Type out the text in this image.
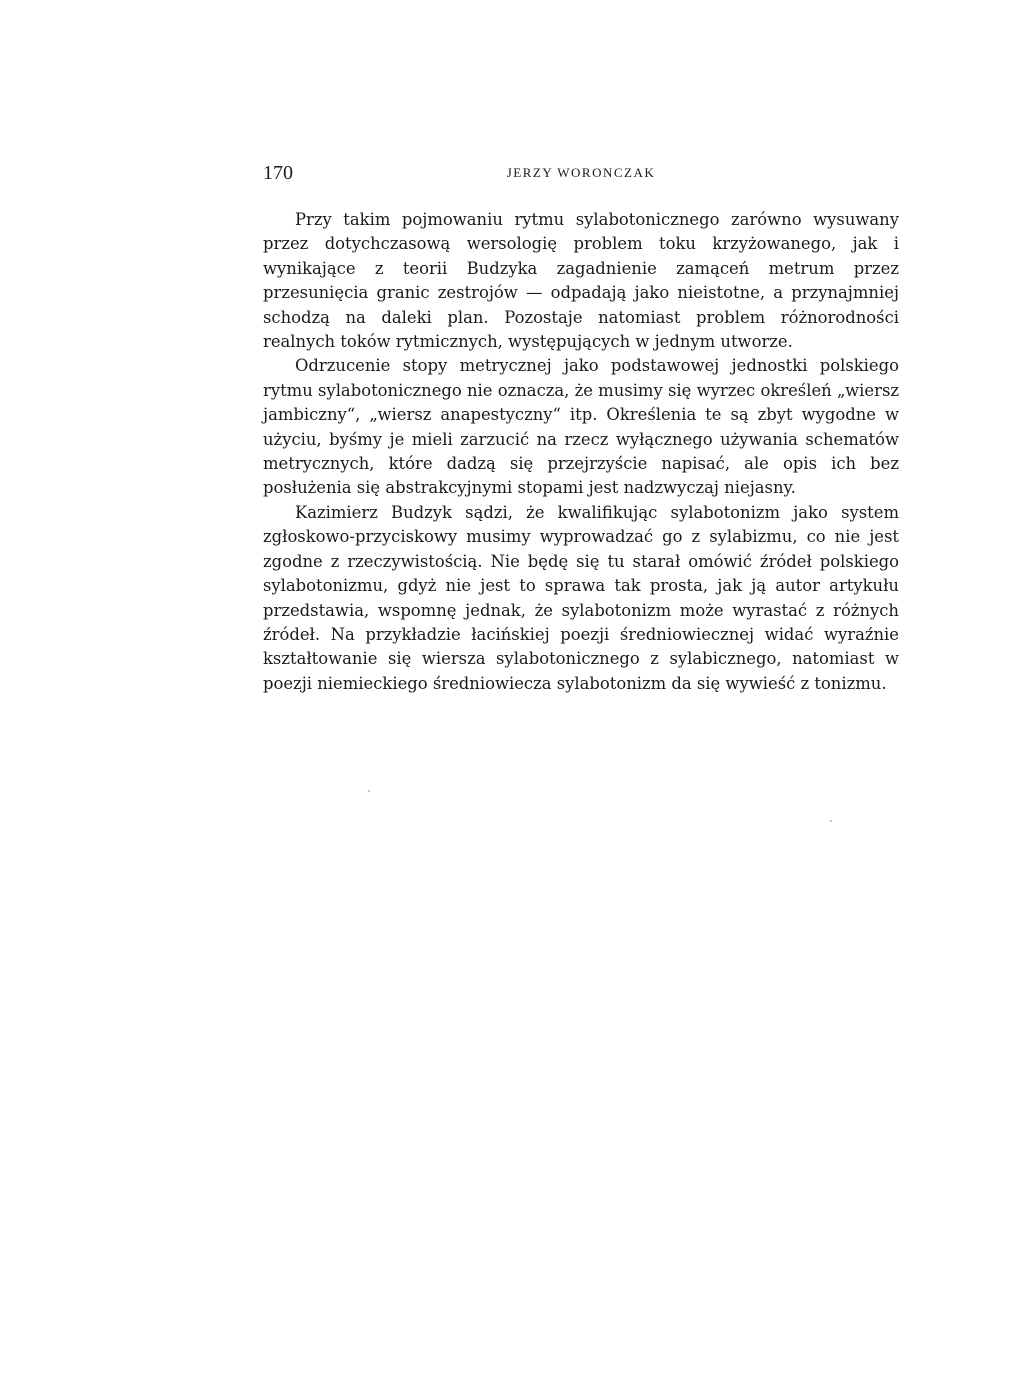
170	JERZY WORONCZAK

Przy takim pojmowaniu rytmu sylabotonicznego zarówno wysuwany przez dotychczasową wersologię problem toku krzyżowanego, jak i wynikające z teorii Budzyka zagadnienie zamąceń metrum przez przesunięcia granic zestrojów — odpadają jako nieistotne, a przynajmniej schodzą na daleki plan. Pozostaje natomiast problem różnorodności realnych toków rytmicznych, występujących w jednym utworze.

Odrzucenie stopy metrycznej jako podstawowej jednostki polskiego rytmu sylabotonicznego nie oznacza, że musimy się wyrzec określeń „wiersz jambiczny“, „wiersz anapestyczny“ itp. Określenia te są zbyt wygodne w użyciu, byśmy je mieli zarzucić na rzecz wyłącznego używania schematów metrycznych, które dadzą się przejrzyście napisać, ale opis ich bez posłużenia się abstrakcyjnymi stopami jest nadzwyczaj niejasny.

Kazimierz Budzyk sądzi, że kwalifikując sylabotonizm jako system zgłoskowo-przyciskowy musimy wyprowadzać go z sylabizmu, co nie jest zgodne z rzeczywistością. Nie będę się tu starał omówić źródeł polskiego sylabotonizmu, gdyż nie jest to sprawa tak prosta, jak ją autor artykułu przedstawia, wspomnę jednak, że sylabotonizm może wyrastać z różnych źródeł. Na przykładzie łacińskiej poezji średniowiecznej widać wyraźnie kształtowanie się wiersza sylabotonicznego z sylabicznego, natomiast w poezji niemieckiego średniowiecza sylabotonizm da się wywieść z tonizmu.
